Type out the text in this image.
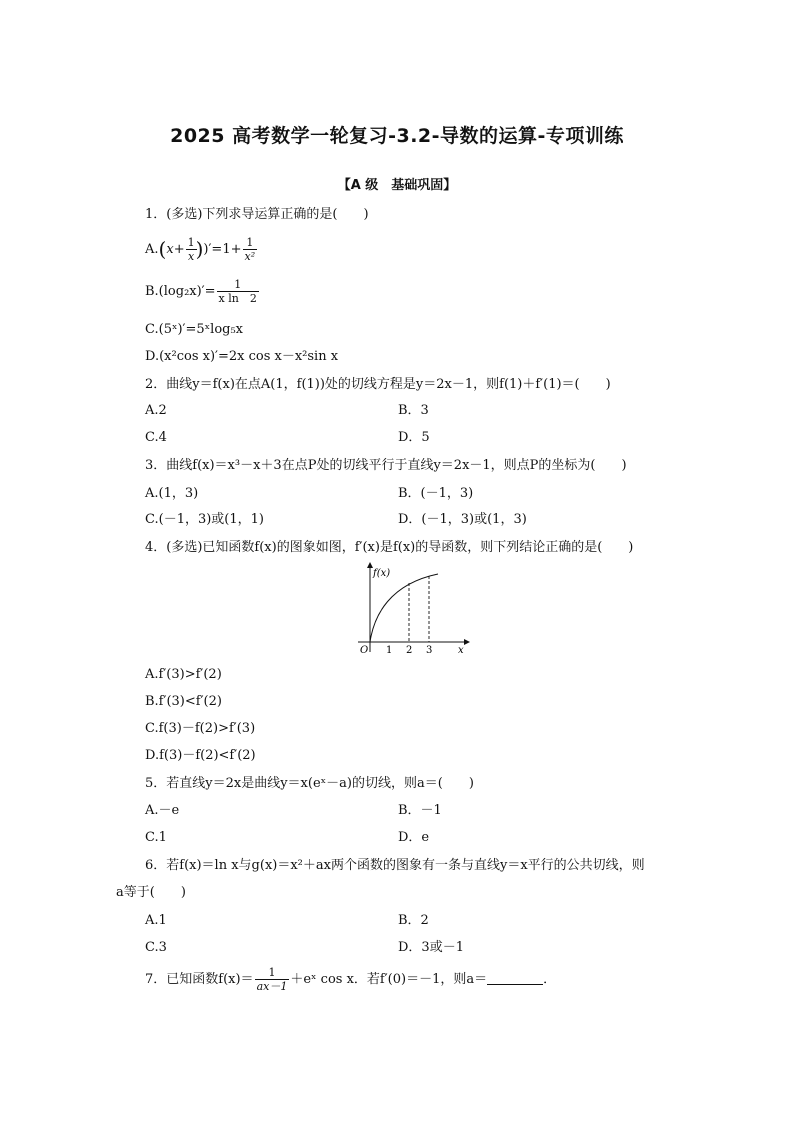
2025 高考数学一轮复习-3.2-导数的运算-专项训练
【A 级　基础巩固】
1．(多选)下列求导运算正确的是(　　)
$A.(x+ \frac{1}{x} ))'=1+ \frac{1}{\text{x²}}$
$B.(\log_2x)'= \frac{1}{\text{x ln　2}}$
C.(5ˣ)′=5ˣlog₅x
D.(x²cos x)′=2x cos x－x²sin x
2．曲线y＝f(x)在点A(1，f(1))处的切线方程是y＝2x－1，则f(1)＋f′(1)＝(　　)
A.2	B．3
C.4	D．5
3．曲线f(x)＝x³－x＋3在点P处的切线平行于直线y＝2x－1，则点P的坐标为(　　)
A.(1，3)	B．(－1，3)
C.(－1，3)或(1，1)	D．(－1，3)或(1，3)
4．(多选)已知函数f(x)的图象如图，f′(x)是f(x)的导函数，则下列结论正确的是(　　)
f(x)
x
O 1 2 3
A.f′(3)>f′(2)
B.f′(3)<f′(2)
C.f(3)－f(2)>f′(3)
D.f(3)－f(2)<f′(2)
5．若直线y＝2x是曲线y＝x(eˣ－a)的切线，则a＝(　　)
A.－e	B．－1
C.1	D．e
6．若f(x)＝ln x与g(x)＝x²＋ax两个函数的图象有一条与直线y＝x平行的公共切线，则
a等于(　　)
A.1	B．2
C.3	D．3或－1
7．已知函数$f(x)= \frac{1}{ax-1}$ ＋eˣ cos x．若f′(0)＝－1，则a＝	．
